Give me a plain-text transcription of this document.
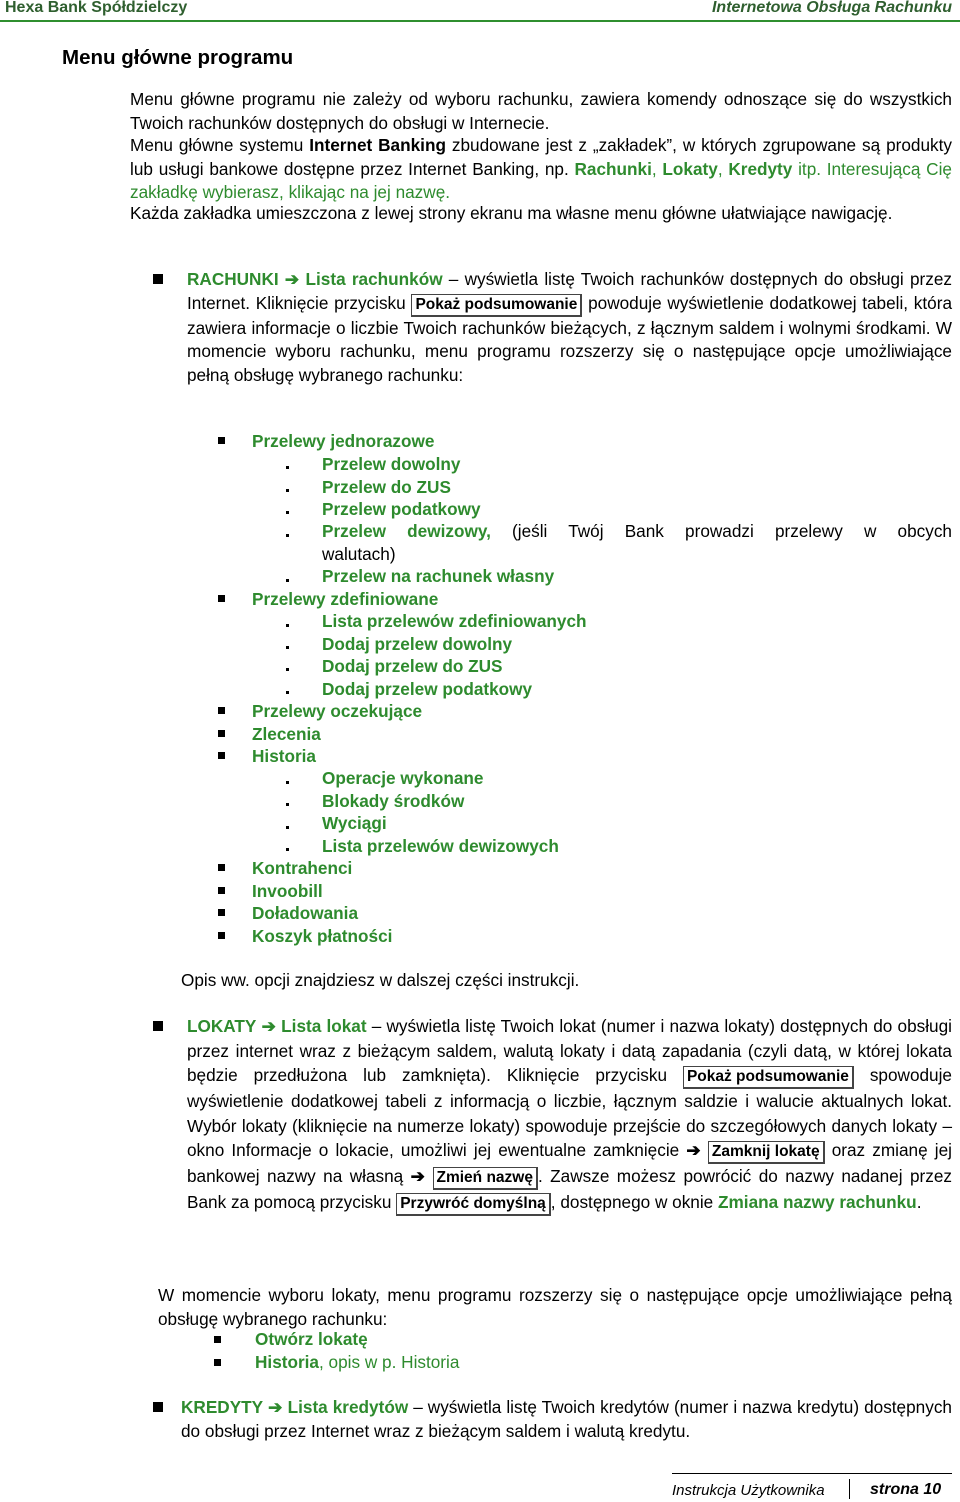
Hexa Bank Spółdzielczy	Internetowa Obsługa Rachunku
Menu główne programu
Menu główne programu nie zależy od wyboru rachunku, zawiera komendy odnoszące się do wszystkich Twoich rachunków dostępnych do obsługi w Internecie.
Menu główne systemu Internet Banking zbudowane jest z „zakładek”, w których zgrupowane są produkty lub usługi bankowe dostępne przez Internet Banking, np. Rachunki, Lokaty, Kredyty itp. Interesującą Cię zakładkę wybierasz, klikając na jej nazwę.
Każda zakładka umieszczona z lewej strony ekranu ma własne menu główne ułatwiające nawigację.
RACHUNKI ➔ Lista rachunków – wyświetla listę Twoich rachunków dostępnych do obsługi przez Internet. Kliknięcie przycisku Pokaż podsumowanie powoduje wyświetlenie dodatkowej tabeli, która zawiera informacje o liczbie Twoich rachunków bieżących, z łącznym saldem i wolnymi środkami. W momencie wyboru rachunku, menu programu rozszerzy się o następujące opcje umożliwiające pełną obsługę wybranego rachunku:
Przelewy jednorazowe
Przelew dowolny
Przelew do ZUS
Przelew podatkowy
Przelew dewizowy, (jeśli Twój Bank prowadzi przelewy w obcych
walutach)
Przelew na rachunek własny
Przelewy zdefiniowane
Lista przelewów zdefiniowanych
Dodaj przelew dowolny
Dodaj przelew do ZUS
Dodaj przelew podatkowy
Przelewy oczekujące
Zlecenia
Historia
Operacje wykonane
Blokady środków
Wyciągi
Lista przelewów dewizowych
Kontrahenci
Invoobill
Doładowania
Koszyk płatności
Opis ww. opcji znajdziesz w dalszej części instrukcji.
LOKATY ➔ Lista lokat – wyświetla listę Twoich lokat (numer i nazwa lokaty) dostępnych do obsługi przez internet wraz z bieżącym saldem, walutą lokaty i datą zapadania (czyli datą, w której lokata będzie przedłużona lub zamknięta). Kliknięcie przycisku Pokaż podsumowanie spowoduje wyświetlenie dodatkowej tabeli z informacją o liczbie, łącznym saldzie i walucie aktualnych lokat. Wybór lokaty (kliknięcie na numerze lokaty) spowoduje przejście do szczegółowych danych lokaty – okno Informacje o lokacie, umożliwi jej ewentualne zamknięcie ➔ Zamknij lokatę oraz zmianę jej bankowej nazwy na własną ➔ Zmień nazwę . Zawsze możesz powrócić do nazwy nadanej przez Bank za pomocą przycisku Przywróć domyślną , dostępnego w oknie Zmiana nazwy rachunku.
W momencie wyboru lokaty, menu programu rozszerzy się o następujące opcje umożliwiające pełną obsługę wybranego rachunku:
Otwórz lokatę
Historia, opis w p. Historia
KREDYTY ➔ Lista kredytów – wyświetla listę Twoich kredytów (numer i nazwa kredytu) dostępnych do obsługi przez Internet wraz z bieżącym saldem i walutą kredytu.
Instrukcja Użytkownika	strona 10
